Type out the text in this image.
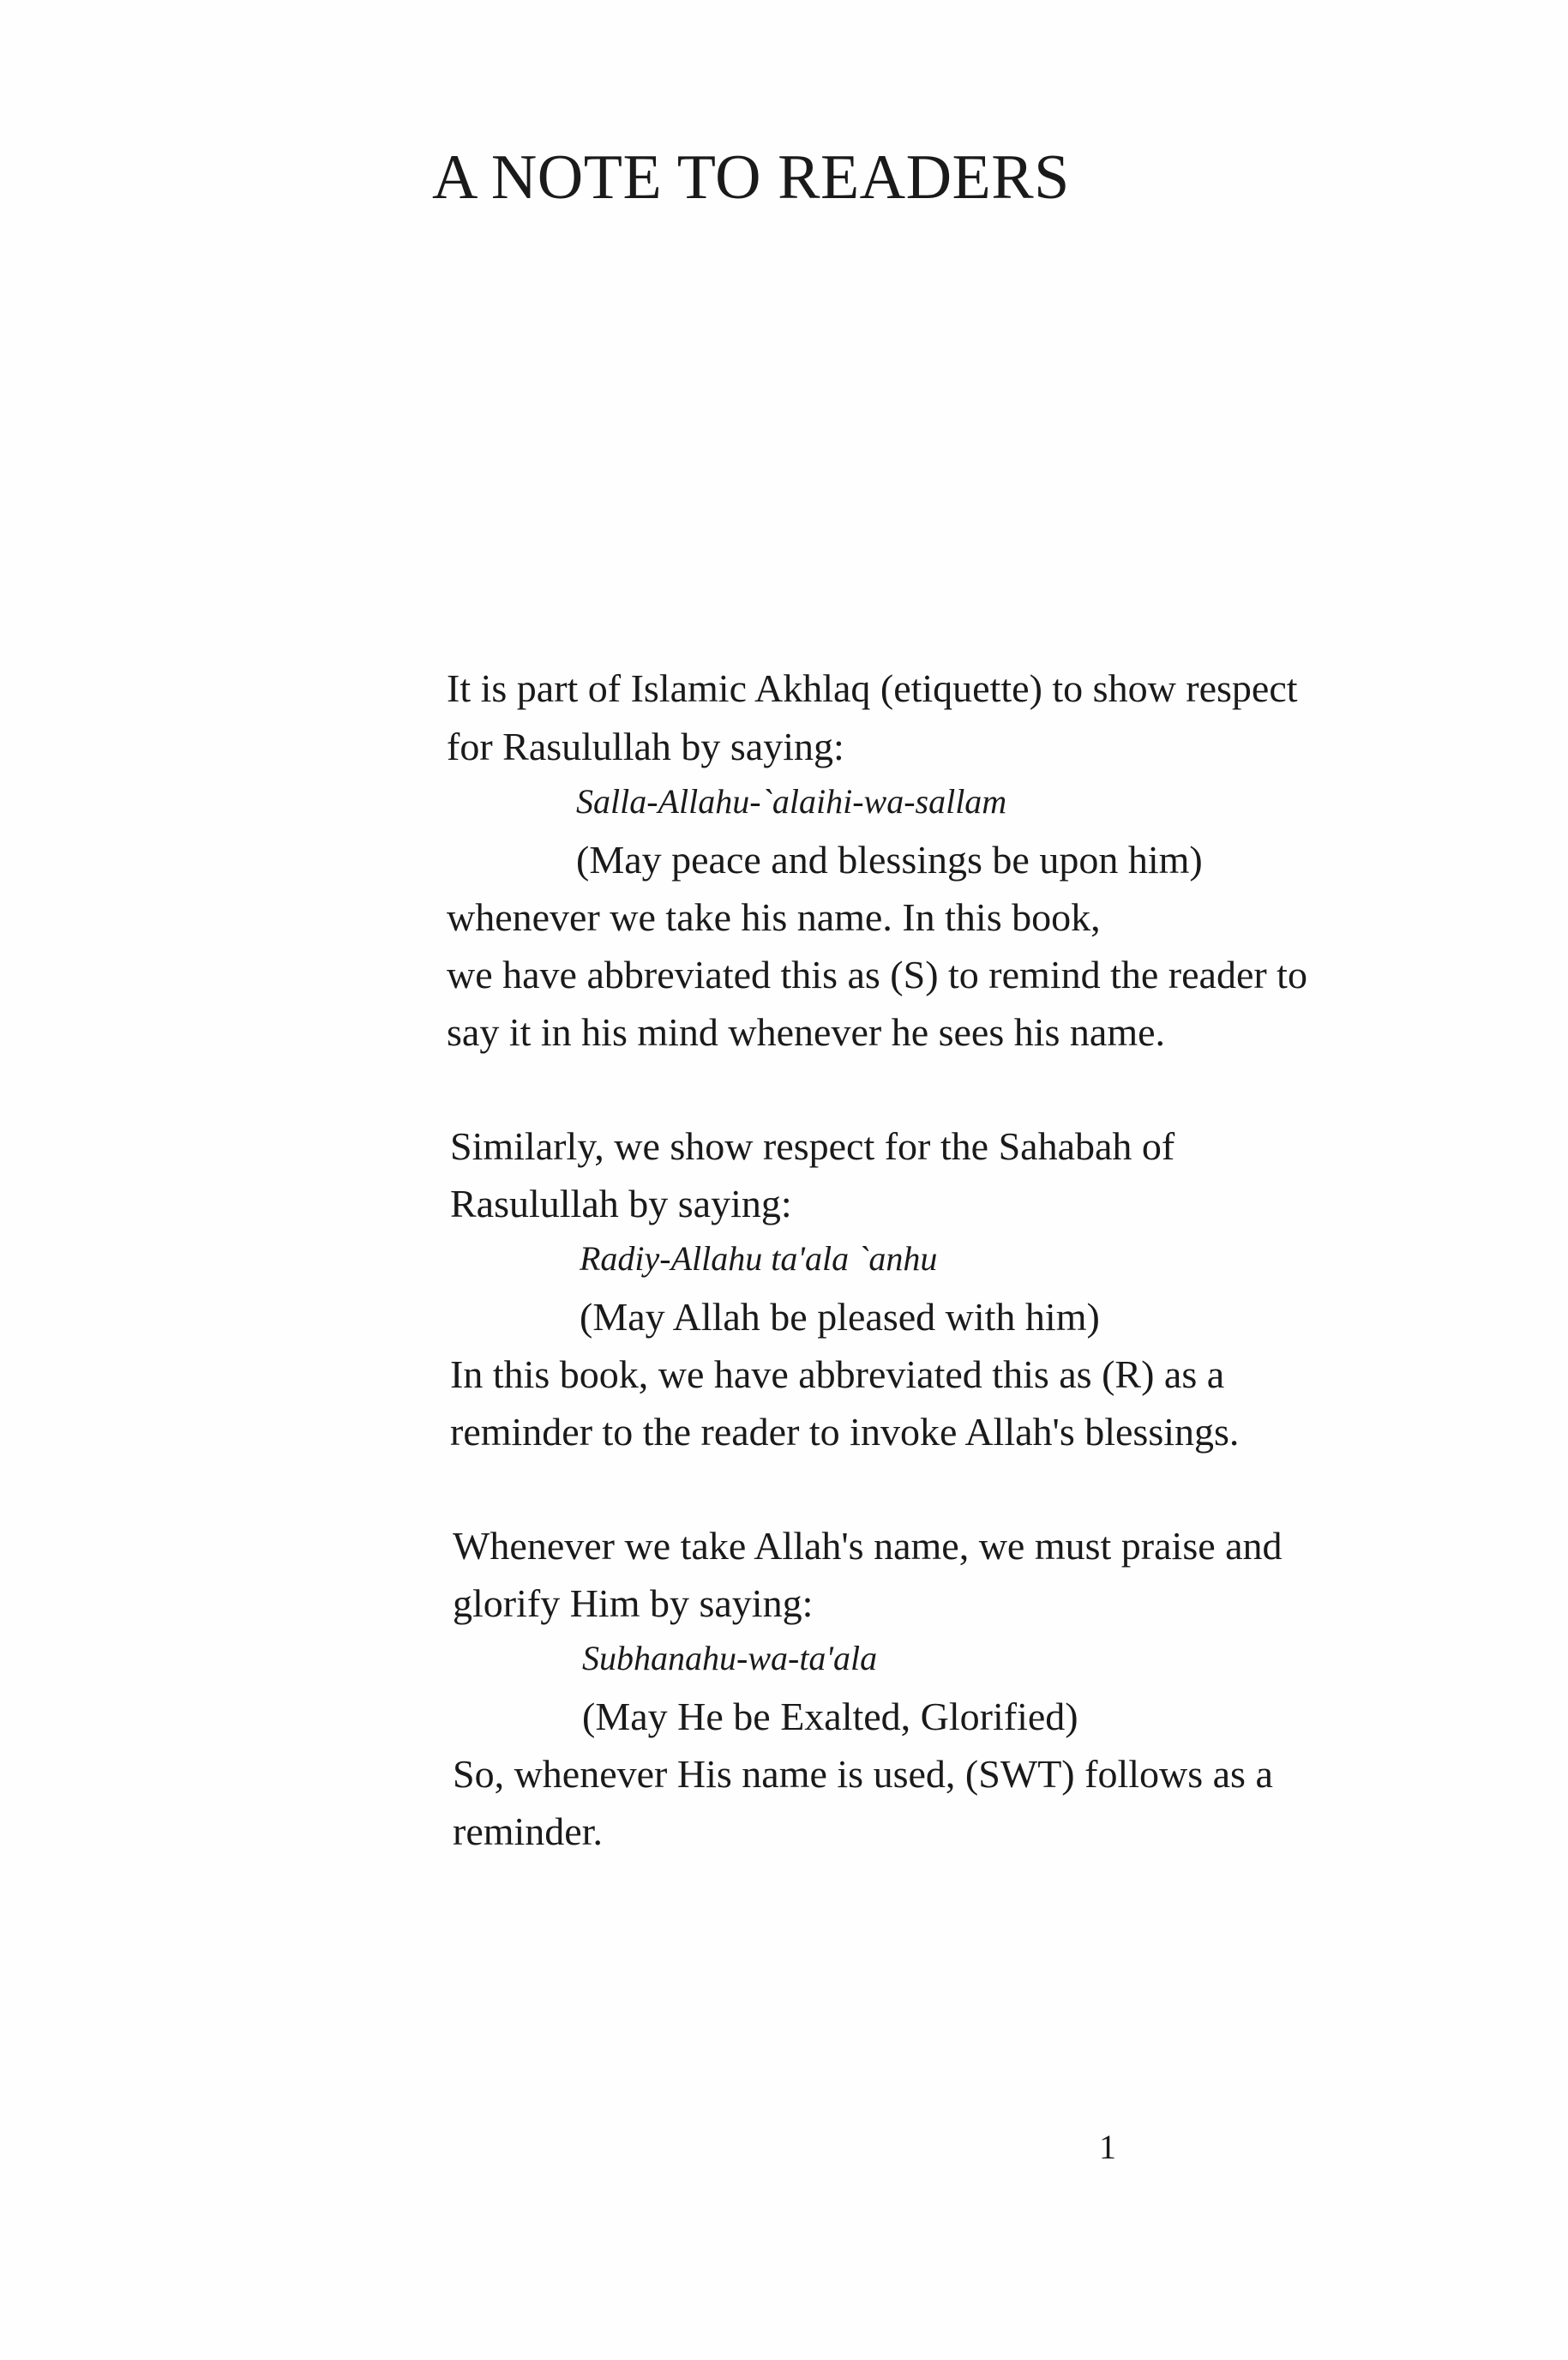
A NOTE TO READERS
It is part of Islamic Akhlaq (etiquette) to show respect
for Rasulullah by saying:
Salla-Allahu-`alaihi-wa-sallam
(May peace and blessings be upon him)
whenever we take his name. In this book,
we have abbreviated this as (S) to remind the reader to
say it in his mind whenever he sees his name.
Similarly, we show respect for the Sahabah of
Rasulullah by saying:
Radiy-Allahu ta'ala `anhu
(May Allah be pleased with him)
In this book, we have abbreviated this as (R) as a
reminder to the reader to invoke Allah's blessings.
Whenever we take Allah's name, we must praise and
glorify Him by saying:
Subhanahu-wa-ta'ala
(May He be Exalted, Glorified)
So, whenever His name is used, (SWT) follows as a
reminder.
1
